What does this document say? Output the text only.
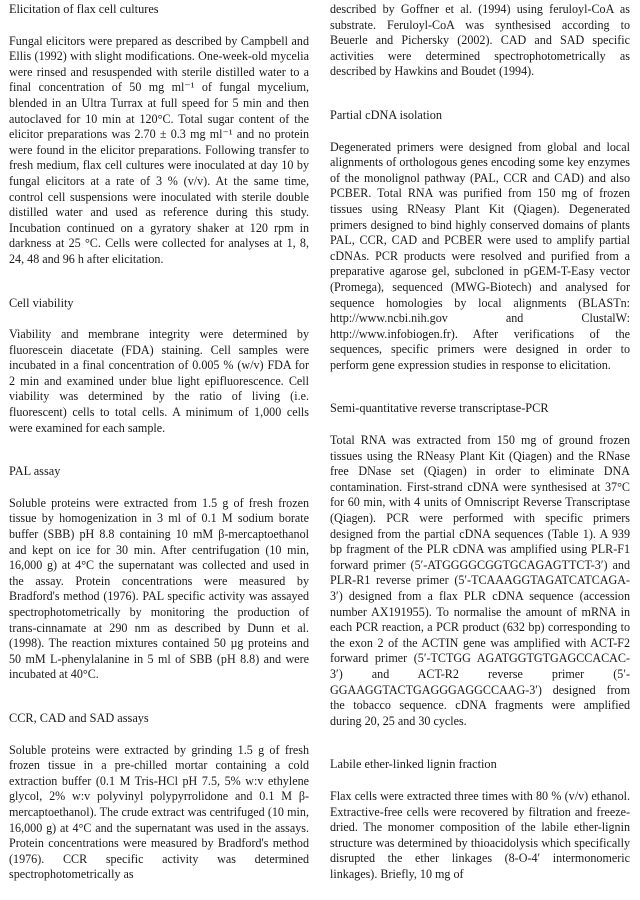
Elicitation of flax cell cultures

Fungal elicitors were prepared as described by Campbell and Ellis (1992) with slight modifications. One-week-old mycelia were rinsed and resuspended with sterile distilled water to a final concentration of 50 mg ml⁻¹ of fungal mycelium, blended in an Ultra Turrax at full speed for 5 min and then autoclaved for 10 min at 120°C. Total sugar content of the elicitor preparations was 2.70 ± 0.3 mg ml⁻¹ and no protein were found in the elicitor preparations. Following transfer to fresh medium, flax cell cultures were inoculated at day 10 by fungal elicitors at a rate of 3 % (v/v). At the same time, control cell suspensions were inoculated with sterile double distilled water and used as reference during this study. Incubation continued on a gyratory shaker at 120 rpm in darkness at 25 °C. Cells were collected for analyses at 1, 8, 24, 48 and 96 h after elicitation.

Cell viability

Viability and membrane integrity were determined by fluorescein diacetate (FDA) staining. Cell samples were incubated in a final concentration of 0.005 % (w/v) FDA for 2 min and examined under blue light epifluorescence. Cell viability was determined by the ratio of living (i.e. fluorescent) cells to total cells. A minimum of 1,000 cells were examined for each sample.

PAL assay

Soluble proteins were extracted from 1.5 g of fresh frozen tissue by homogenization in 3 ml of 0.1 M sodium borate buffer (SBB) pH 8.8 containing 10 mM β-mercaptoethanol and kept on ice for 30 min. After centrifugation (10 min, 16,000 g) at 4°C the supernatant was collected and used in the assay. Protein concentrations were measured by Bradford's method (1976). PAL specific activity was assayed spectrophotometrically by monitoring the production of trans-cinnamate at 290 nm as described by Dunn et al. (1998). The reaction mixtures contained 50 µg proteins and 50 mM L-phenylalanine in 5 ml of SBB (pH 8.8) and were incubated at 40°C.

CCR, CAD and SAD assays

Soluble proteins were extracted by grinding 1.5 g of fresh frozen tissue in a pre-chilled mortar containing a cold extraction buffer (0.1 M Tris-HCl pH 7.5, 5% w:v ethylene glycol, 2% w:v polyvinyl polypyrrolidone and 0.1 M β-mercaptoethanol). The crude extract was centrifuged (10 min, 16,000 g) at 4°C and the supernatant was used in the assays. Protein concentrations were measured by Bradford's method (1976). CCR specific activity was determined spectrophotometrically as

described by Goffner et al. (1994) using feruloyl-CoA as substrate. Feruloyl-CoA was synthesised according to Beuerle and Pichersky (2002). CAD and SAD specific activities were determined spectrophotometrically as described by Hawkins and Boudet (1994).

Partial cDNA isolation

Degenerated primers were designed from global and local alignments of orthologous genes encoding some key enzymes of the monolignol pathway (PAL, CCR and CAD) and also PCBER. Total RNA was purified from 150 mg of frozen tissues using RNeasy Plant Kit (Qiagen). Degenerated primers designed to bind highly conserved domains of plants PAL, CCR, CAD and PCBER were used to amplify partial cDNAs. PCR products were resolved and purified from a preparative agarose gel, subcloned in pGEM-T-Easy vector (Promega), sequenced (MWG-Biotech) and analysed for sequence homologies by local alignments (BLASTn: http://www.ncbi.nih.gov and ClustalW: http://www.infobiogen.fr). After verifications of the sequences, specific primers were designed in order to perform gene expression studies in response to elicitation.

Semi-quantitative reverse transcriptase-PCR

Total RNA was extracted from 150 mg of ground frozen tissues using the RNeasy Plant Kit (Qiagen) and the RNase free DNase set (Qiagen) in order to eliminate DNA contamination. First-strand cDNA were synthesised at 37°C for 60 min, with 4 units of Omniscript Reverse Transcriptase (Qiagen). PCR were performed with specific primers designed from the partial cDNA sequences (Table 1). A 939 bp fragment of the PLR cDNA was amplified using PLR-F1 forward primer (5′-ATGGGGCGGTGCAGAGTTCT-3′) and PLR-R1 reverse primer (5′-TCAAAGGTAGATCATCAGA-3′) designed from a flax PLR cDNA sequence (accession number AX191955). To normalise the amount of mRNA in each PCR reaction, a PCR product (632 bp) corresponding to the exon 2 of the ACTIN gene was amplified with ACT-F2 forward primer (5′-TCTGG AGATGGTGTGAGCCACAC-3′) and ACT-R2 reverse primer (5′-GGAAGGTACTGAGGGAGGCCAAG-3′) designed from the tobacco sequence. cDNA fragments were amplified during 20, 25 and 30 cycles.

Labile ether-linked lignin fraction

Flax cells were extracted three times with 80 % (v/v) ethanol. Extractive-free cells were recovered by filtration and freeze-dried. The monomer composition of the labile ether-lignin structure was determined by thioacidolysis which specifically disrupted the ether linkages (8-O-4′ intermonomeric linkages). Briefly, 10 mg of
